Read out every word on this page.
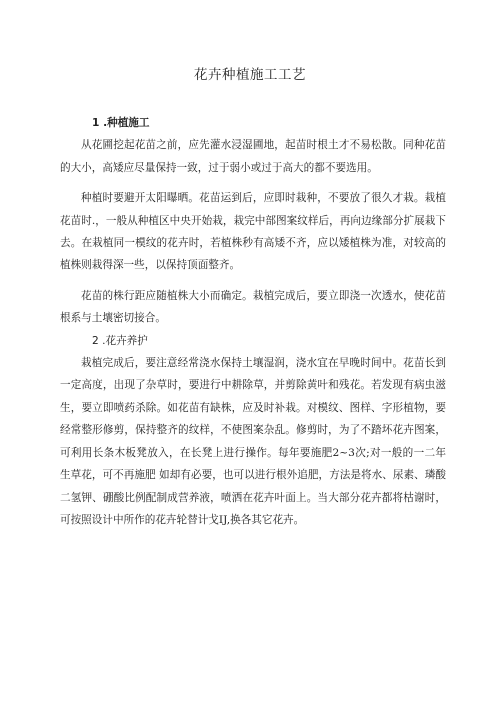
花卉种植施工工艺
1 .种植施工

从花圃挖起花苗之前，应先灌水浸湿圃地，起苗时根土才不易松散。同种花苗的大小，高矮应尽量保持一致，过于弱小或过于高大的都不要选用。

种植时要避开太阳曝晒。花苗运到后，应即时栽种，不要放了很久才栽。栽植花苗时.，一般从种植区中央开始栽，栽完中部图案纹样后，再向边缘部分扩展栽下去。在栽植同一模纹的花卉时，若植株秒有高矮不齐，应以矮植株为准，对较高的植株则栽得深一些，以保持顶面整齐。

花苗的株行距应随植株大小而确定。栽植完成后，要立即浇一次透水，使花苗根系与土壤密切接合。

2 .花卉养护

栽植完成后，要注意经常浇水保持土壤湿润，浇水宜在早晚时间中。花苗长到一定高度，出现了杂草时，要进行中耕除草，并剪除黄叶和残花。若发现有病虫滋生，要立即喷药杀除。如花苗有缺株，应及时补栽。对模纹、图样、字形植物，要经常整形修剪，保持整齐的纹样，不使图案杂乱。修剪时，为了不踏坏花卉图案，可利用长条木板凳放入，在长凳上进行操作。每年要施肥2~3次;对一般的一二年生草花，可不再施肥 如却有必要，也可以进行根外追肥，方法是将水、尿素、璘酸二氢钾、硼酸比例配制成营养液，喷洒在花卉叶面上。当大部分花卉都将枯谢时，可按照设计中所作的花卉轮替计戈IJ,换各其它花卉。
